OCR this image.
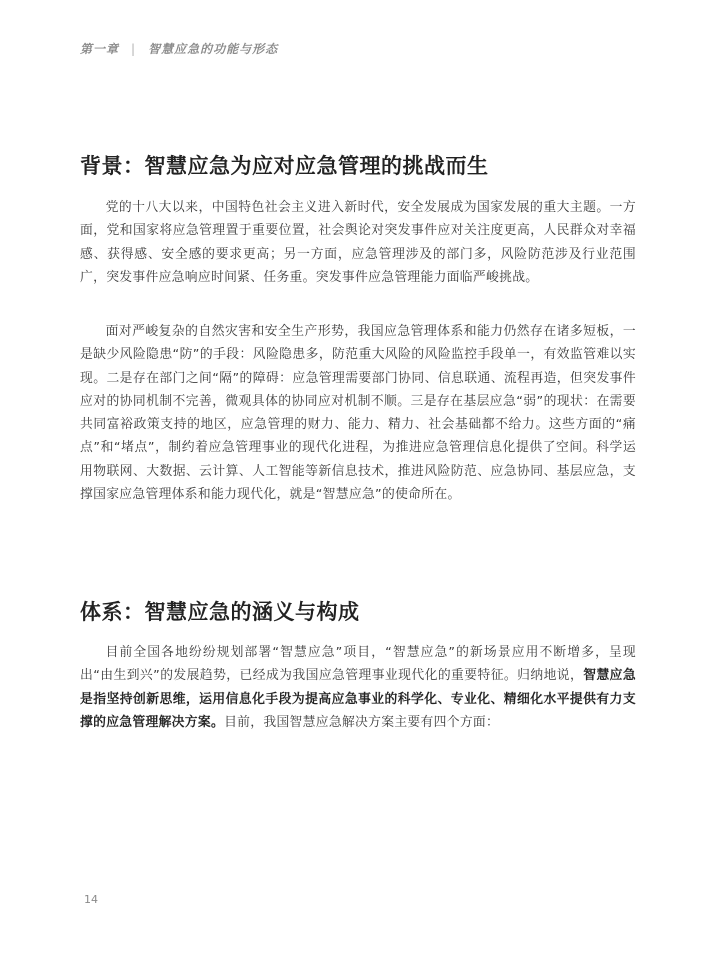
第一章 | 智慧应急的功能与形态
背景：智慧应急为应对应急管理的挑战而生

党的十八大以来，中国特色社会主义进入新时代，安全发展成为国家发展的重大主题。一方面，党和国家将应急管理置于重要位置，社会舆论对突发事件应对关注度更高，人民群众对幸福感、获得感、安全感的要求更高；另一方面，应急管理涉及的部门多，风险防范涉及行业范围广，突发事件应急响应时间紧、任务重。突发事件应急管理能力面临严峻挑战。

面对严峻复杂的自然灾害和安全生产形势，我国应急管理体系和能力仍然存在诸多短板，一是缺少风险隐患“防”的手段：风险隐患多，防范重大风险的风险监控手段单一，有效监管难以实现。二是存在部门之间“隔”的障碍：应急管理需要部门协同、信息联通、流程再造，但突发事件应对的协同机制不完善，微观具体的协同应对机制不顺。三是存在基层应急“弱”的现状：在需要共同富裕政策支持的地区，应急管理的财力、能力、精力、社会基础都不给力。这些方面的“痛点”和“堵点”，制约着应急管理事业的现代化进程，为推进应急管理信息化提供了空间。科学运用物联网、大数据、云计算、人工智能等新信息技术，推进风险防范、应急协同、基层应急，支撑国家应急管理体系和能力现代化，就是“智慧应急”的使命所在。

体系：智慧应急的涵义与构成

目前全国各地纷纷规划部署“智慧应急”项目，“智慧应急”的新场景应用不断增多，呈现出“由生到兴”的发展趋势，已经成为我国应急管理事业现代化的重要特征。归纳地说，智慧应急是指坚持创新思维，运用信息化手段为提高应急事业的科学化、专业化、精细化水平提供有力支撑的应急管理解决方案。目前，我国智慧应急解决方案主要有四个方面：

14
